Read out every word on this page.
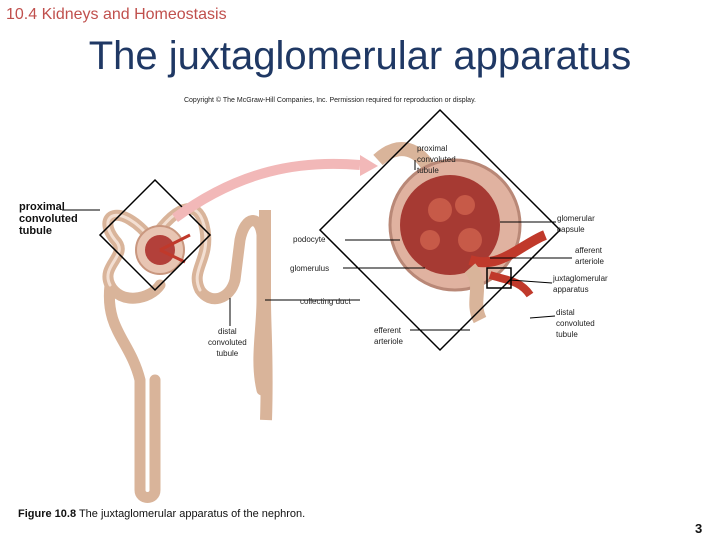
10.4 Kidneys and Homeostasis
The juxtaglomerular apparatus
Copyright © The McGraw-Hill Companies, Inc. Permission required for reproduction or display.
proximal
convoluted
tubule
proximal
convoluted
tubule
glomerular
capsule
podocyte
afferent
arteriole
glomerulus
juxtaglomerular
apparatus
collecting duct
distal
convoluted
tubule
distal
convoluted
tubule
efferent
arteriole
Figure 10.8 The juxtaglomerular apparatus of the nephron.
3
